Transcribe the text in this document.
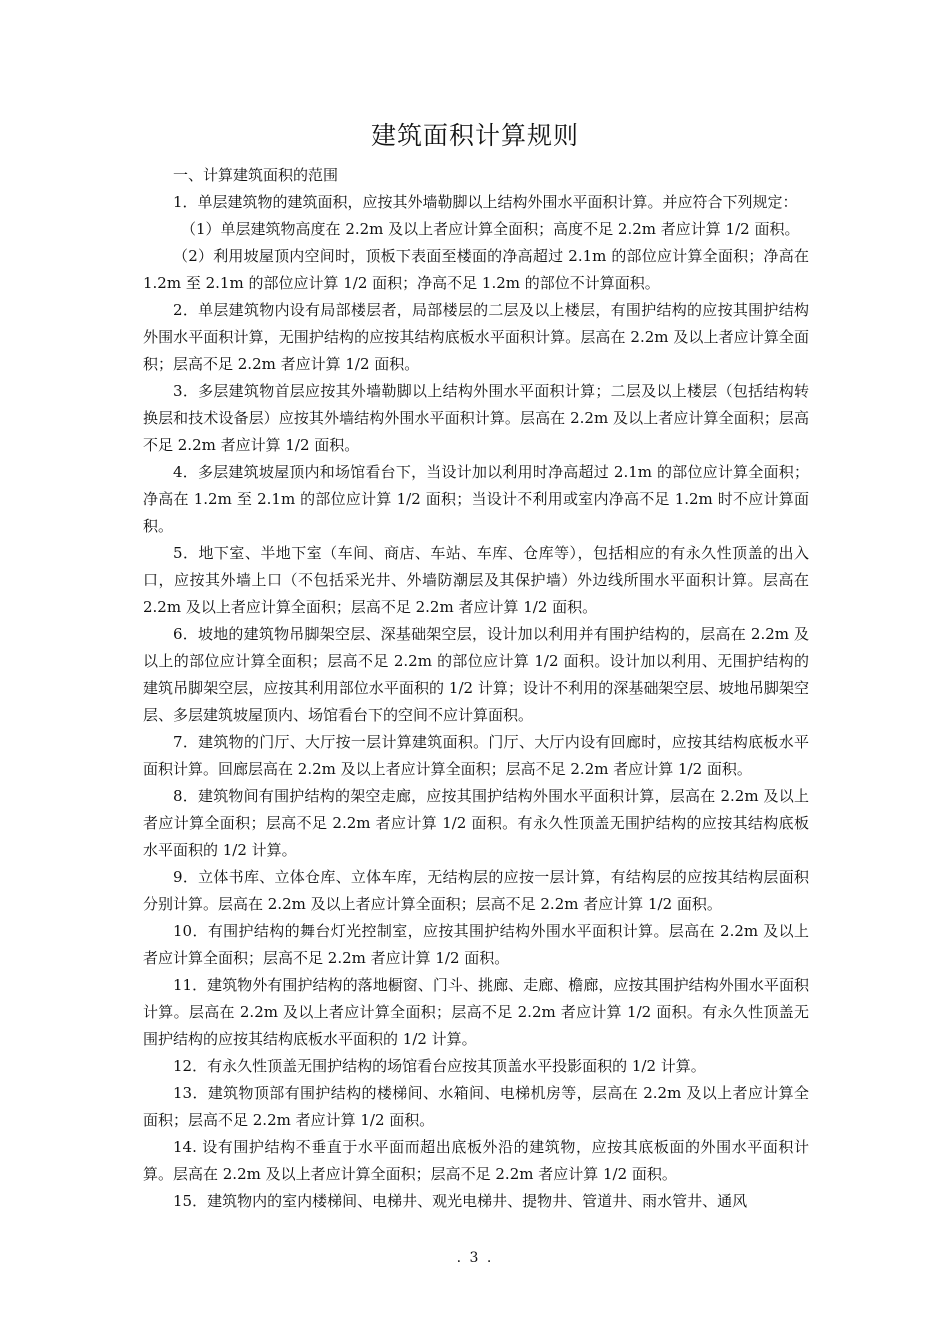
建筑面积计算规则

一、计算建筑面积的范围

1．单层建筑物的建筑面积，应按其外墙勒脚以上结构外围水平面积计算。并应符合下列规定：

（1）单层建筑物高度在 2.2m 及以上者应计算全面积；高度不足 2.2m 者应计算 1/2 面积。

（2）利用坡屋顶内空间时，顶板下表面至楼面的净高超过 2.1m 的部位应计算全面积；净高在 1.2m 至 2.1m 的部位应计算 1/2 面积；净高不足 1.2m 的部位不计算面积。

2．单层建筑物内设有局部楼层者，局部楼层的二层及以上楼层，有围护结构的应按其围护结构外围水平面积计算，无围护结构的应按其结构底板水平面积计算。层高在 2.2m 及以上者应计算全面积；层高不足 2.2m 者应计算 1/2 面积。

3．多层建筑物首层应按其外墙勒脚以上结构外围水平面积计算；二层及以上楼层（包括结构转换层和技术设备层）应按其外墙结构外围水平面积计算。层高在 2.2m 及以上者应计算全面积；层高不足 2.2m 者应计算 1/2 面积。

4．多层建筑坡屋顶内和场馆看台下，当设计加以利用时净高超过 2.1m 的部位应计算全面积；净高在 1.2m 至 2.1m 的部位应计算 1/2 面积；当设计不利用或室内净高不足 1.2m 时不应计算面积。

5．地下室、半地下室（车间、商店、车站、车库、仓库等），包括相应的有永久性顶盖的出入口，应按其外墙上口（不包括采光井、外墙防潮层及其保护墙）外边线所围水平面积计算。层高在 2.2m 及以上者应计算全面积；层高不足 2.2m 者应计算 1/2 面积。

6．坡地的建筑物吊脚架空层、深基础架空层，设计加以利用并有围护结构的，层高在 2.2m 及以上的部位应计算全面积；层高不足 2.2m 的部位应计算 1/2 面积。设计加以利用、无围护结构的建筑吊脚架空层，应按其利用部位水平面积的 1/2 计算；设计不利用的深基础架空层、坡地吊脚架空层、多层建筑坡屋顶内、场馆看台下的空间不应计算面积。

7．建筑物的门厅、大厅按一层计算建筑面积。门厅、大厅内设有回廊时，应按其结构底板水平面积计算。回廊层高在 2.2m 及以上者应计算全面积；层高不足 2.2m 者应计算 1/2 面积。

8．建筑物间有围护结构的架空走廊，应按其围护结构外围水平面积计算，层高在 2.2m 及以上者应计算全面积；层高不足 2.2m 者应计算 1/2 面积。有永久性顶盖无围护结构的应按其结构底板水平面积的 1/2 计算。

9．立体书库、立体仓库、立体车库，无结构层的应按一层计算，有结构层的应按其结构层面积分别计算。层高在 2.2m 及以上者应计算全面积；层高不足 2.2m 者应计算 1/2 面积。

10．有围护结构的舞台灯光控制室，应按其围护结构外围水平面积计算。层高在 2.2m 及以上者应计算全面积；层高不足 2.2m 者应计算 1/2 面积。

11．建筑物外有围护结构的落地橱窗、门斗、挑廊、走廊、檐廊，应按其围护结构外围水平面积计算。层高在 2.2m 及以上者应计算全面积；层高不足 2.2m 者应计算 1/2 面积。有永久性顶盖无围护结构的应按其结构底板水平面积的 1/2 计算。

12．有永久性顶盖无围护结构的场馆看台应按其顶盖水平投影面积的 1/2 计算。

13．建筑物顶部有围护结构的楼梯间、水箱间、电梯机房等，层高在 2.2m 及以上者应计算全面积；层高不足 2.2m 者应计算 1/2 面积。

14. 设有围护结构不垂直于水平面而超出底板外沿的建筑物，应按其底板面的外围水平面积计算。层高在 2.2m 及以上者应计算全面积；层高不足 2.2m 者应计算 1/2 面积。

15．建筑物内的室内楼梯间、电梯井、观光电梯井、提物井、管道井、雨水管井、通风

. 3 .
